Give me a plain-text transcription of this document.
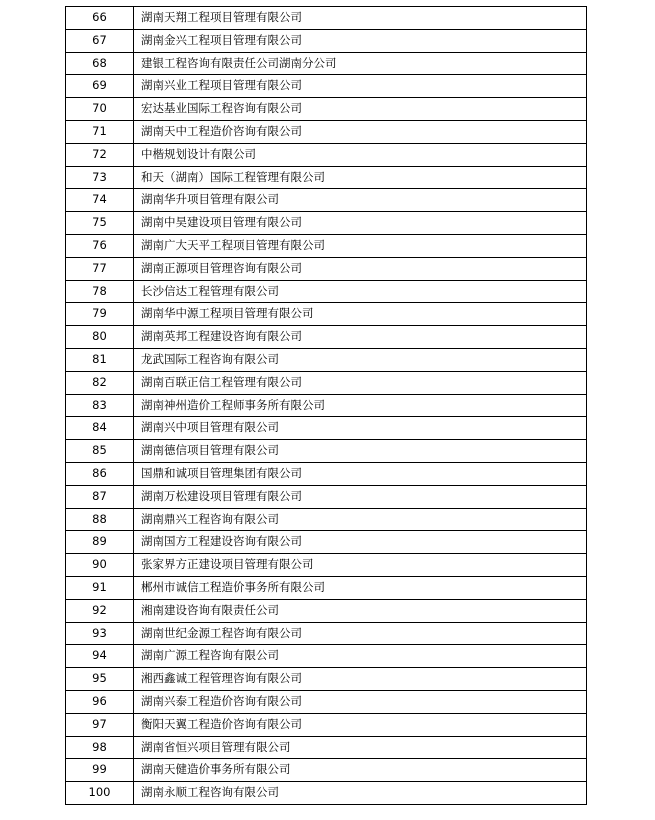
66	湖南天翔工程项目管理有限公司
67	湖南金兴工程项目管理有限公司
68	建银工程咨询有限责任公司湖南分公司
69	湖南兴业工程项目管理有限公司
70	宏达基业国际工程咨询有限公司
71	湖南天中工程造价咨询有限公司
72	中楷规划设计有限公司
73	和天（湖南）国际工程管理有限公司
74	湖南华升项目管理有限公司
75	湖南中昊建设项目管理有限公司
76	湖南广大天平工程项目管理有限公司
77	湖南正源项目管理咨询有限公司
78	长沙信达工程管理有限公司
79	湖南华中源工程项目管理有限公司
80	湖南英邦工程建设咨询有限公司
81	龙武国际工程咨询有限公司
82	湖南百联正信工程管理有限公司
83	湖南神州造价工程师事务所有限公司
84	湖南兴中项目管理有限公司
85	湖南德信项目管理有限公司
86	国鼎和诚项目管理集团有限公司
87	湖南万松建设项目管理有限公司
88	湖南鼎兴工程咨询有限公司
89	湖南国方工程建设咨询有限公司
90	张家界方正建设项目管理有限公司
91	郴州市诚信工程造价事务所有限公司
92	湘南建设咨询有限责任公司
93	湖南世纪金源工程咨询有限公司
94	湖南广源工程咨询有限公司
95	湘西鑫诚工程管理咨询有限公司
96	湖南兴泰工程造价咨询有限公司
97	衡阳天翼工程造价咨询有限公司
98	湖南省恒兴项目管理有限公司
99	湖南天健造价事务所有限公司
100	湖南永顺工程咨询有限公司
